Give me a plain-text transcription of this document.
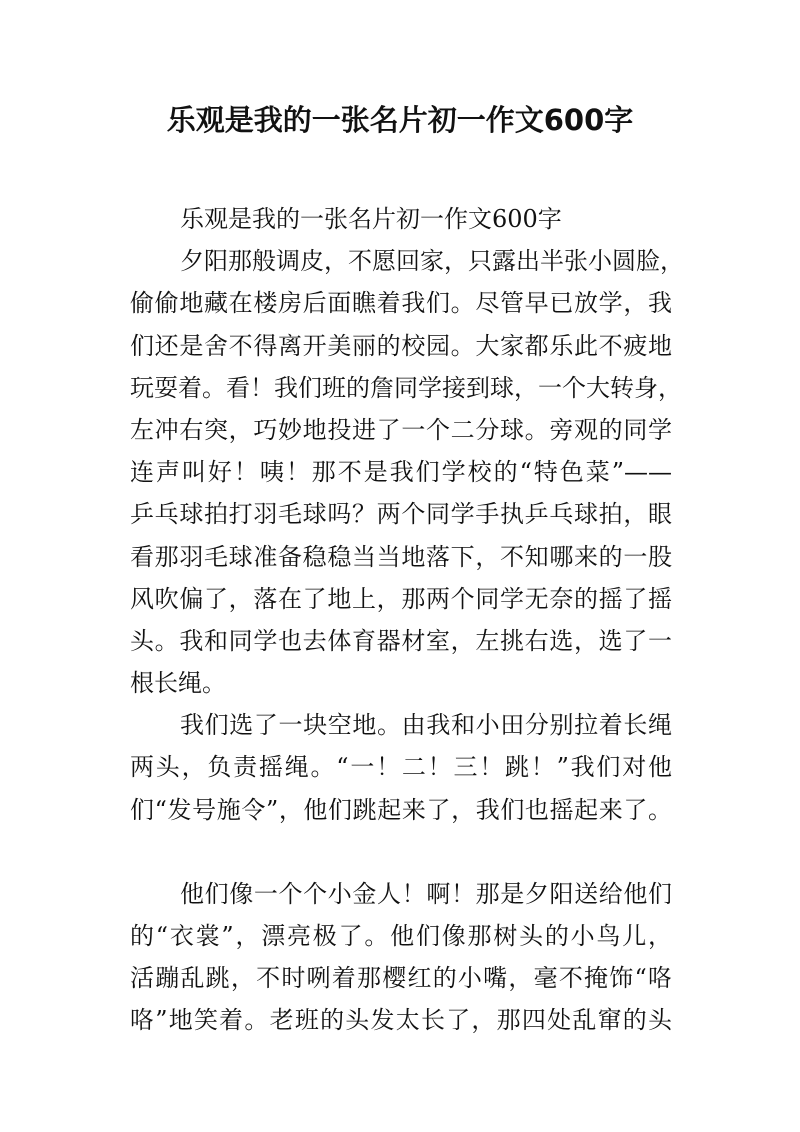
乐观是我的一张名片初一作文600字
乐观是我的一张名片初一作文600字
夕阳那般调皮，不愿回家，只露出半张小圆脸，
偷偷地藏在楼房后面瞧着我们。尽管早已放学，我
们还是舍不得离开美丽的校园。大家都乐此不疲地
玩耍着。看！我们班的詹同学接到球，一个大转身，
左冲右突，巧妙地投进了一个二分球。旁观的同学
连声叫好！咦！那不是我们学校的“特色菜”——
乒乓球拍打羽毛球吗？两个同学手执乒乓球拍，眼
看那羽毛球准备稳稳当当地落下，不知哪来的一股
风吹偏了，落在了地上，那两个同学无奈的摇了摇
头。我和同学也去体育器材室，左挑右选，选了一
根长绳。
我们选了一块空地。由我和小田分别拉着长绳
两头，负责摇绳。“一！二！三！跳！”我们对他
们“发号施令”，他们跳起来了，我们也摇起来了。
他们像一个个小金人！啊！那是夕阳送给他们
的“衣裳”，漂亮极了。他们像那树头的小鸟儿，
活蹦乱跳，不时咧着那樱红的小嘴，毫不掩饰“咯
咯”地笑着。老班的头发太长了，那四处乱窜的头
